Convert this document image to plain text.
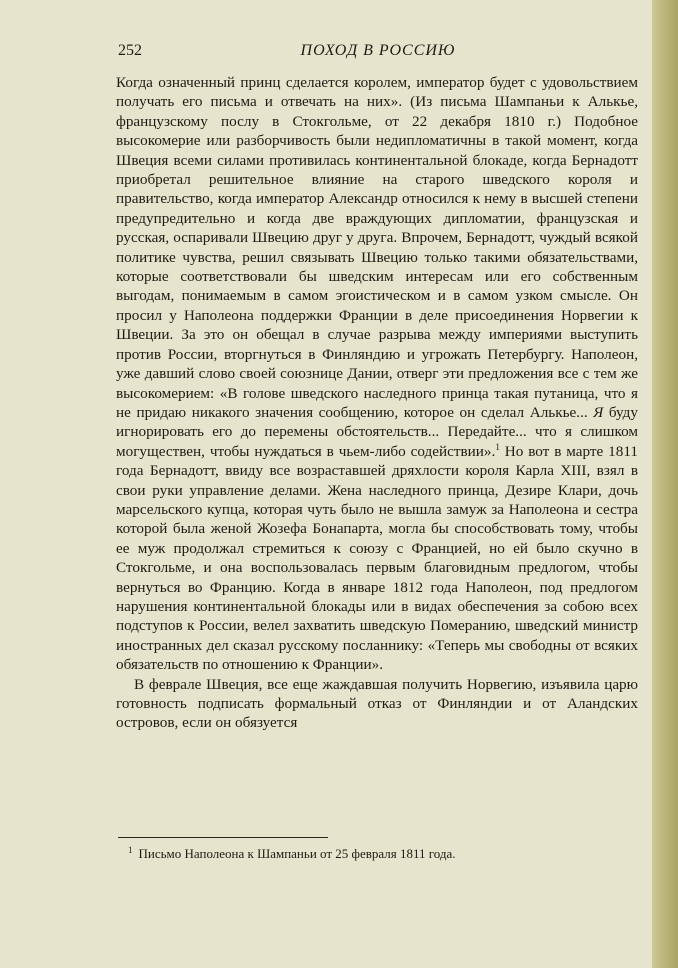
252	ПОХОД В РОССИЮ

Когда означенный принц сделается королем, император будет с удовольствием получать его письма и отвечать на них». (Из письма Шампаньи к Алькье, французскому послу в Стокгольме, от 22 декабря 1810 г.) Подобное высокомерие или разборчивость были недипломатичны в такой момент, когда Швеция всеми силами противилась континентальной блокаде, когда Бернадотт приобретал решительное влияние на старого шведского короля и правительство, когда император Александр относился к нему в высшей степени предупредительно и когда две враждующих дипломатии, французская и русская, оспаривали Швецию друг у друга. Впрочем, Бернадотт, чуждый всякой политике чувства, решил связывать Швецию только такими обязательствами, которые соответствовали бы шведским интересам или его собственным выгодам, понимаемым в самом эгоистическом и в самом узком смысле. Он просил у Наполеона поддержки Франции в деле присоединения Норвегии к Швеции. За это он обещал в случае разрыва между империями выступить против России, вторгнуться в Финляндию и угрожать Петербургу. Наполеон, уже давший слово своей союзнице Дании, отверг эти предложения все с тем же высокомерием: «В голове шведского наследного принца такая путаница, что я не придаю никакого значения сообщению, которое он сделал Алькье... Я буду игнорировать его до перемены обстоятельств... Передайте... что я слишком могуществен, чтобы нуждаться в чьем-либо содействии».$^1$ Но вот в марте 1811 года Бернадотт, ввиду все возраставшей дряхлости короля Карла XIII, взял в свои руки управление делами. Жена наследного принца, Дезире Клари, дочь марсельского купца, которая чуть было не вышла замуж за Наполеона и сестра которой была женой Жозефа Бонапарта, могла бы способствовать тому, чтобы ее муж продолжал стремиться к союзу с Францией, но ей было скучно в Стокгольме, и она воспользовалась первым благовидным предлогом, чтобы вернуться во Францию. Когда в январе 1812 года Наполеон, под предлогом нарушения континентальной блокады или в видах обеспечения за собою всех подступов к России, велел захватить шведскую Померанию, шведский министр иностранных дел сказал русскому посланнику: «Теперь мы свободны от всяких обязательств по отношению к Франции».

В феврале Швеция, все еще жаждавшая получить Норвегию, изъявила царю готовность подписать формальный отказ от Финляндии и от Аландских островов, если он обязуется

$^1$ Письмо Наполеона к Шампаньи от 25 февраля 1811 года.
